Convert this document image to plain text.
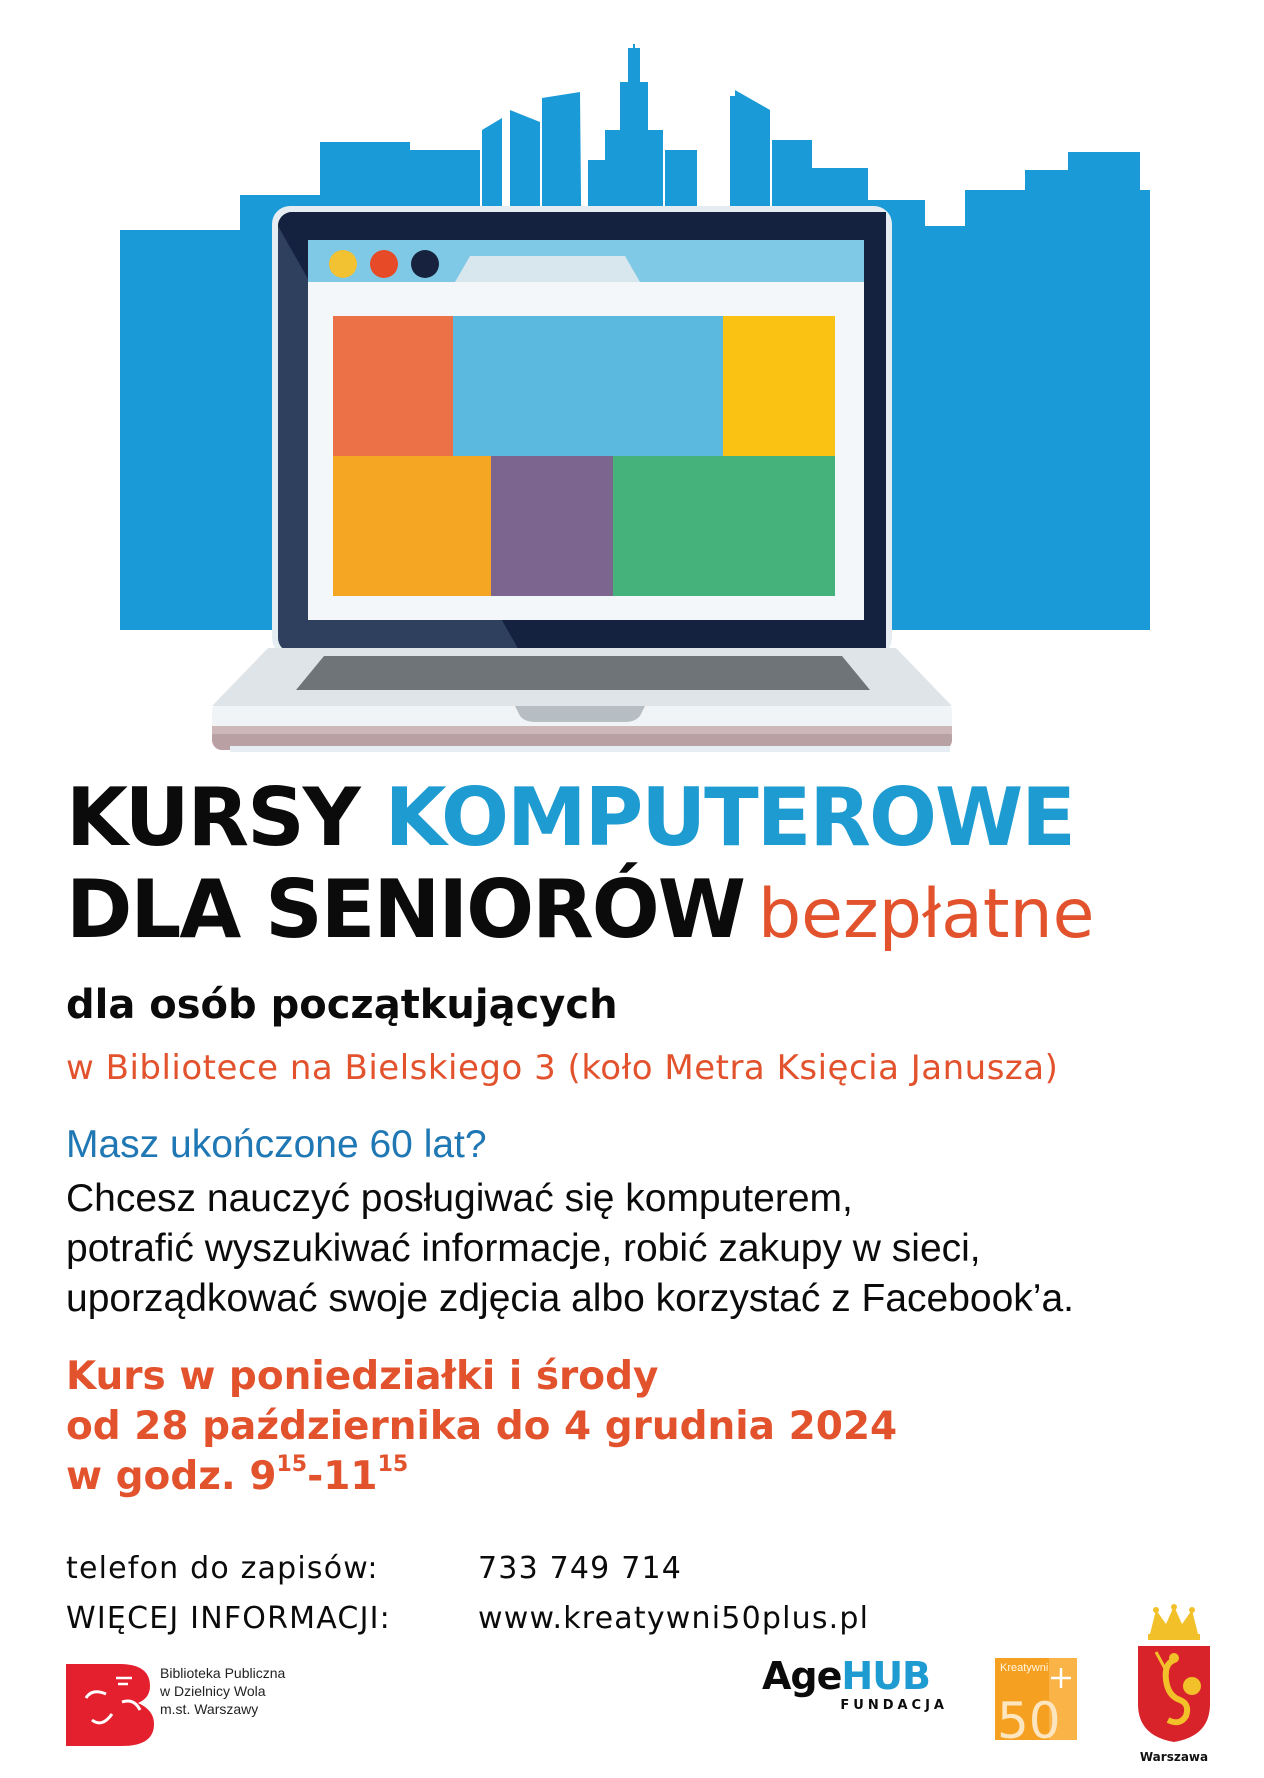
KURSY KOMPUTEROWE
DLA SENIORÓW bezpłatne
dla osób początkujących
w Bibliotece na Bielskiego 3 (koło Metra Księcia Janusza)
Masz ukończone 60 lat?
Chcesz nauczyć posługiwać się komputerem,
potrafić wyszukiwać informacje, robić zakupy w sieci,
uporządkować swoje zdjęcia albo korzystać z Facebook’a.
Kurs w poniedziałki i środy
od 28 października do 4 grudnia 2024
w godz. $9^{15}-11^{15}$
telefon do zapisów:	733 749 714
WIĘCEJ INFORMACJI:	www.kreatywni50plus.pl
Biblioteka Publiczna
w Dzielnicy Wola
m.st. Warszawy
AgeHUB
FUNDACJA 50
Kreatywni
Warszawa
